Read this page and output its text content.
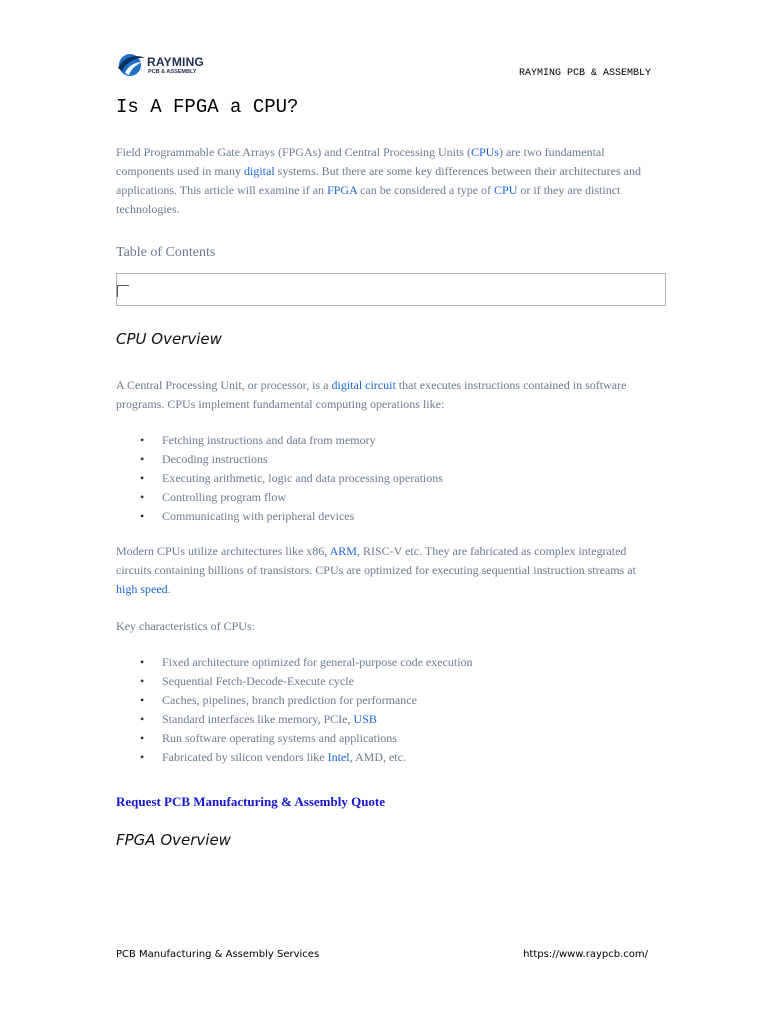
RAYMING
PCB & ASSEMBLY	RAYMING PCB & ASSEMBLY
Is A FPGA a CPU?

Field Programmable Gate Arrays (FPGAs) and Central Processing Units (CPUs) are two fundamental components used in many digital systems. But there are some key differences between their architectures and applications. This article will examine if an FPGA can be considered a type of CPU or if they are distinct technologies.

Table of Contents
CPU Overview

A Central Processing Unit, or processor, is a digital circuit that executes instructions contained in software programs. CPUs implement fundamental computing operations like:

• Fetching instructions and data from memory
• Decoding instructions
• Executing arithmetic, logic and data processing operations
• Controlling program flow
• Communicating with peripheral devices

Modern CPUs utilize architectures like x86, ARM, RISC-V etc. They are fabricated as complex integrated circuits containing billions of transistors. CPUs are optimized for executing sequential instruction streams at high speed.

Key characteristics of CPUs:

• Fixed architecture optimized for general-purpose code execution
• Sequential Fetch-Decode-Execute cycle
• Caches, pipelines, branch prediction for performance
• Standard interfaces like memory, PCIe, USB
• Run software operating systems and applications
• Fabricated by silicon vendors like Intel, AMD, etc.
Request PCB Manufacturing & Assembly Quote
FPGA Overview
PCB Manufacturing & Assembly Services	https://www.raypcb.com/
